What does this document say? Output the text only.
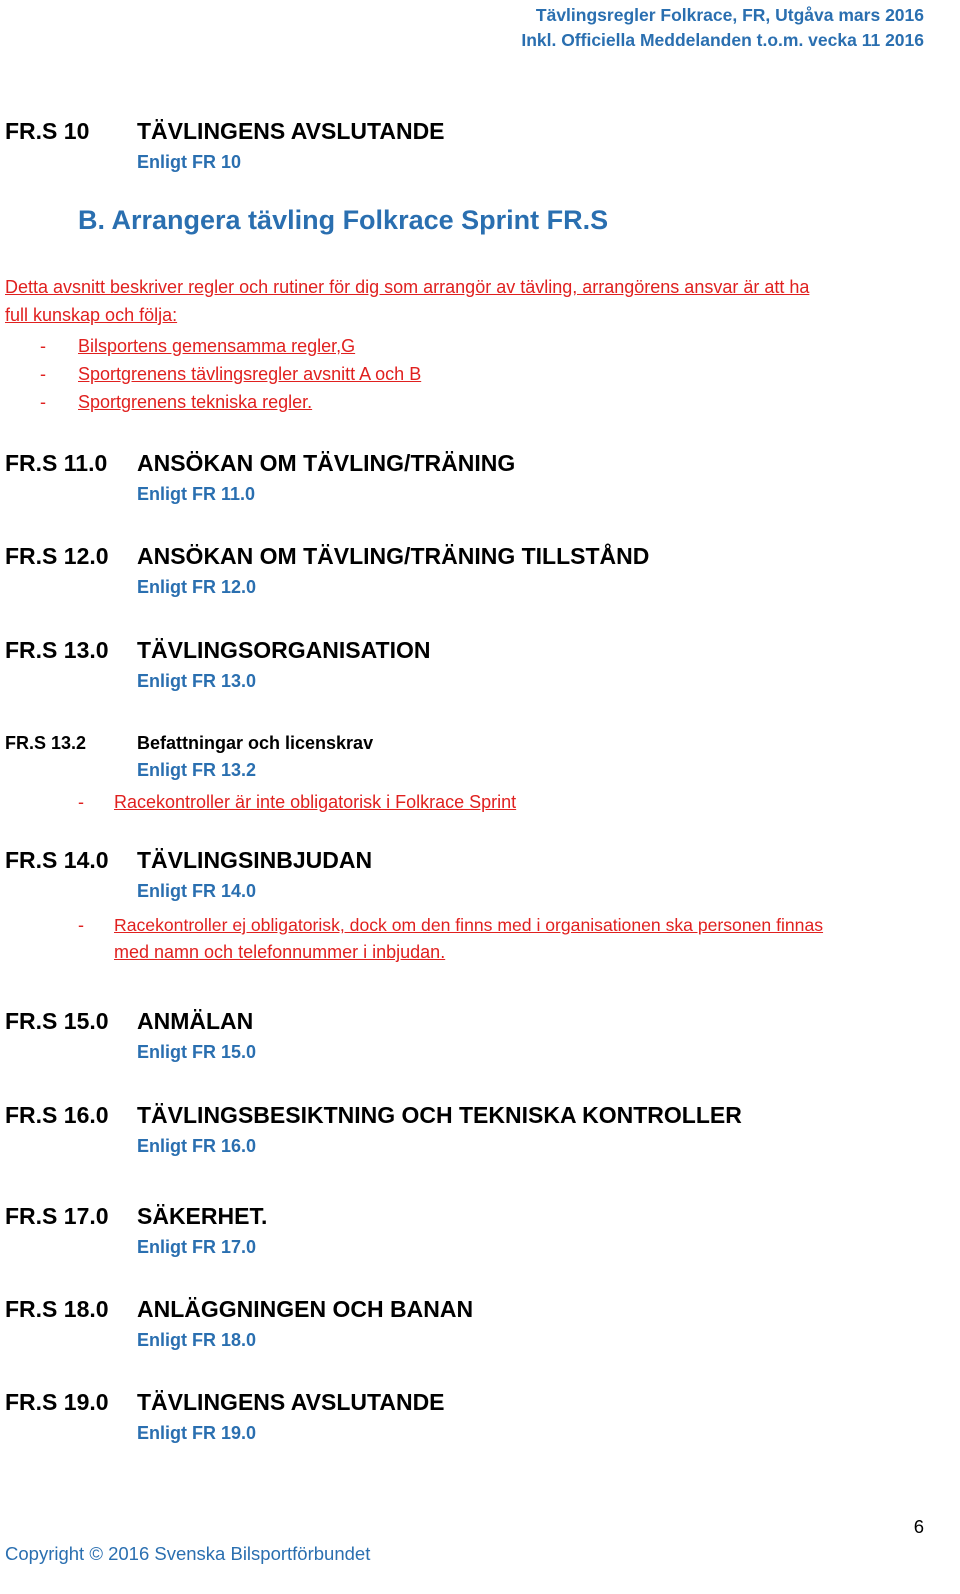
Tävlingsregler Folkrace, FR, Utgåva mars 2016
Inkl. Officiella Meddelanden t.o.m. vecka 11 2016
FR.S 10 TÄVLINGENS AVSLUTANDE
Enligt FR 10
B. Arrangera tävling Folkrace Sprint FR.S
Detta avsnitt beskriver regler och rutiner för dig som arrangör av tävling, arrangörens ansvar är att ha
full kunskap och följa:
- Bilsportens gemensamma regler,G
- Sportgrenens tävlingsregler avsnitt A och B
- Sportgrenens tekniska regler.
FR.S 11.0 ANSÖKAN OM TÄVLING/TRÄNING
Enligt FR 11.0
FR.S 12.0 ANSÖKAN OM TÄVLING/TRÄNING TILLSTÅND
Enligt FR 12.0
FR.S 13.0 TÄVLINGSORGANISATION
Enligt FR 13.0
FR.S 13.2	Befattningar och licenskrav
Enligt FR 13.2
- Racekontroller är inte obligatorisk i Folkrace Sprint
FR.S 14.0 TÄVLINGSINBJUDAN
Enligt FR 14.0
- Racekontroller ej obligatorisk, dock om den finns med i organisationen ska personen finnas
med namn och telefonnummer i inbjudan.
FR.S 15.0 ANMÄLAN
Enligt FR 15.0
FR.S 16.0 TÄVLINGSBESIKTNING OCH TEKNISKA KONTROLLER
Enligt FR 16.0
FR.S 17.0 SÄKERHET.
Enligt FR 17.0
FR.S 18.0 ANLÄGGNINGEN OCH BANAN
Enligt FR 18.0
FR.S 19.0 TÄVLINGENS AVSLUTANDE
Enligt FR 19.0
6
Copyright © 2016 Svenska Bilsportförbundet
